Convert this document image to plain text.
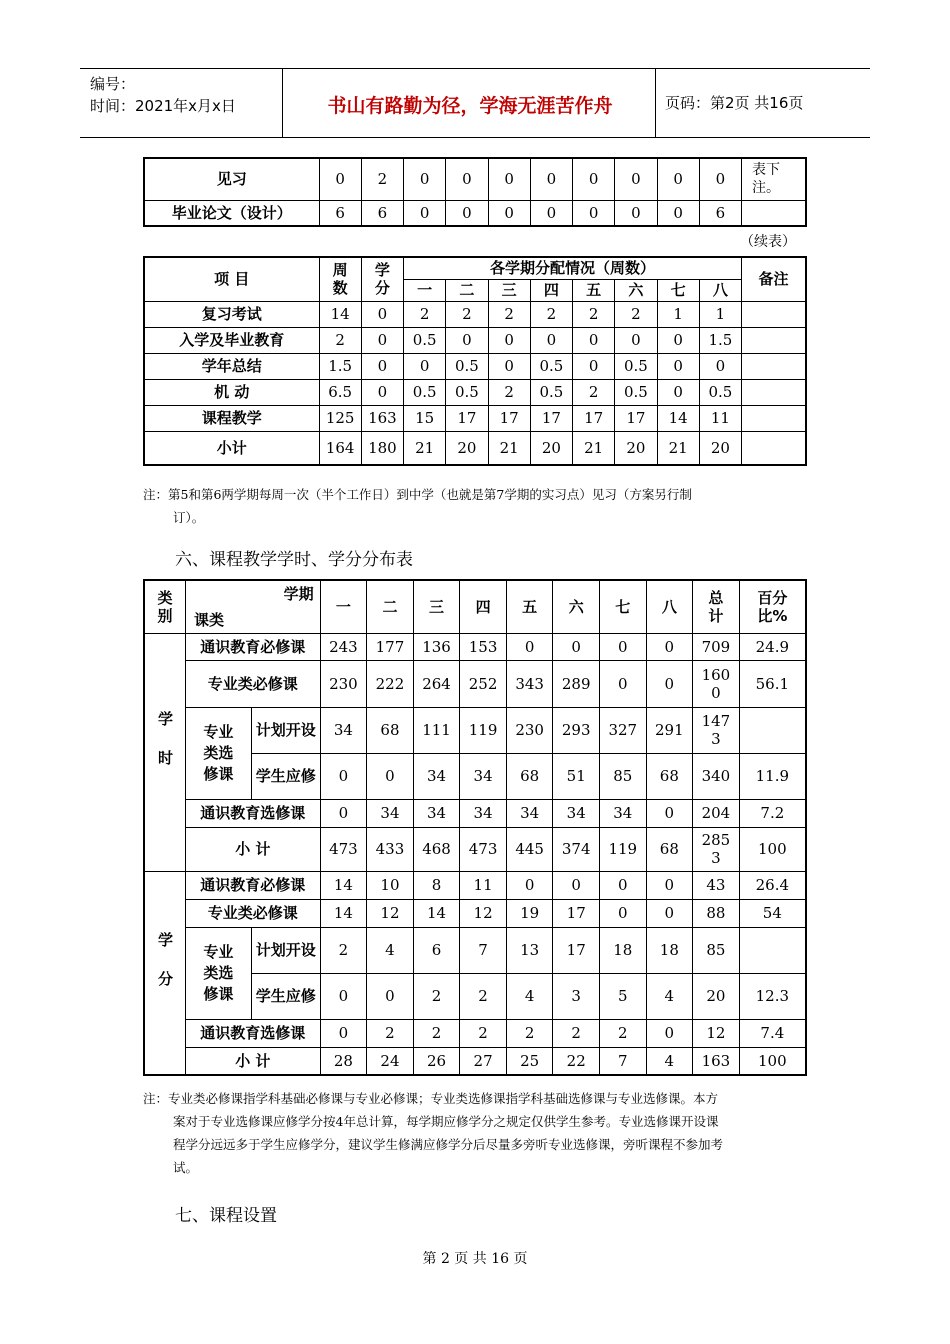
编号：
时间：2021年x月x日	书山有路勤为径，学海无涯苦作舟	页码：第2页 共16页
见习	0	2	0	0	0	0	0	0	0	0	表下注。
毕业论文（设计）	6	6	0	0	0	0	0	0	0	6	
（续表）
项 目	周数	学分	各学期分配情况（周数）								备注
			一	二	三	四	五	六	七	八	
复习考试	14	0	2	2	2	2	2	2	1	1	
入学及毕业教育	2	0	0.5	0	0	0	0	0	0	1.5	
学年总结	1.5	0	0	0.5	0	0.5	0	0.5	0	0	
机 动	6.5	0	0.5	0.5	2	0.5	2	0.5	0	0.5	
课程教学	125	163	15	17	17	17	17	17	14	11	
小计	164	180	21	20	21	20	21	20	21	20	
注：第5和第6两学期每周一次（半个工作日）到中学（也就是第7学期的实习点）见习（方案另行制
订）。
六、课程教学学时、学分分布表
类别	学期
课类		一	二	三	四	五	六	七	八	总计	百分比%
学时	通识教育必修课		243	177	136	153	0	0	0	0	709	24.9
	专业类必修课		230	222	264	252	343	289	0	0	1600	56.1
	专业类选修课	计划开设	34	68	111	119	230	293	327	291	1473	
		学生应修	0	0	34	34	68	51	85	68	340	11.9
	通识教育选修课		0	34	34	34	34	34	34	0	204	7.2
	小 计		473	433	468	473	445	374	119	68	2853	100
学分	通识教育必修课		14	10	8	11	0	0	0	0	43	26.4
	专业类必修课		14	12	14	12	19	17	0	0	88	54
	专业类选修课	计划开设	2	4	6	7	13	17	18	18	85	
		学生应修	0	0	2	2	4	3	5	4	20	12.3
	通识教育选修课		0	2	2	2	2	2	2	0	12	7.4
	小 计		28	24	26	27	25	22	7	4	163	100
注：专业类必修课指学科基础必修课与专业必修课；专业类选修课指学科基础选修课与专业选修课。本方
案对于专业选修课应修学分按4年总计算，每学期应修学分之规定仅供学生参考。专业选修课开设课
程学分远远多于学生应修学分，建议学生修满应修学分后尽量多旁听专业选修课，旁听课程不参加考
试。
七、课程设置
第 2 页 共 16 页
